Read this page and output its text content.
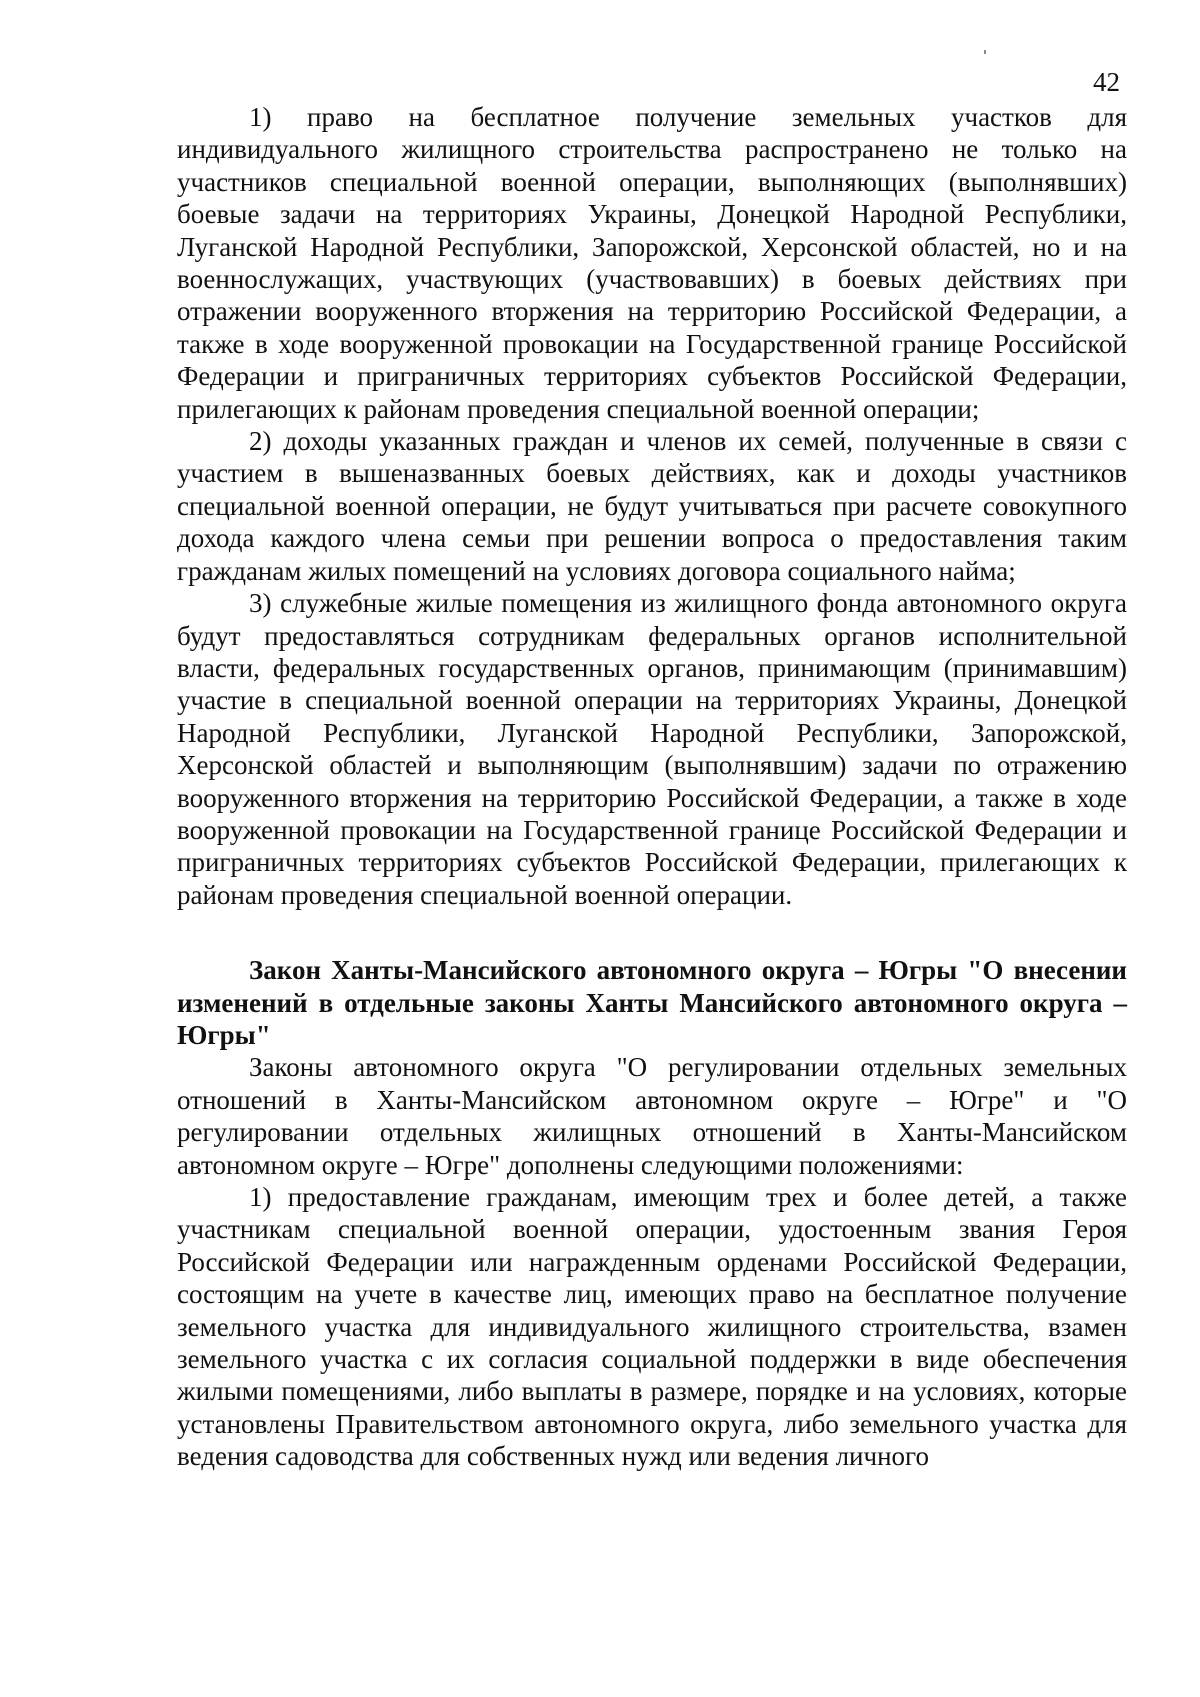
42

1) право на бесплатное получение земельных участков для индивидуального жилищного строительства распространено не только на участников специальной военной операции, выполняющих (выполнявших) боевые задачи на территориях Украины, Донецкой Народной Республики, Луганской Народной Республики, Запорожской, Херсонской областей, но и на военнослужащих, участвующих (участвовавших) в боевых действиях при отражении вооруженного вторжения на территорию Российской Федерации, а также в ходе вооруженной провокации на Государственной границе Российской Федерации и приграничных территориях субъектов Российской Федерации, прилегающих к районам проведения специальной военной операции;

2) доходы указанных граждан и членов их семей, полученные в связи с участием в вышеназванных боевых действиях, как и доходы участников специальной военной операции, не будут учитываться при расчете совокупного дохода каждого члена семьи при решении вопроса о предоставления таким гражданам жилых помещений на условиях договора социального найма;

3) служебные жилые помещения из жилищного фонда автономного округа будут предоставляться сотрудникам федеральных органов исполнительной власти, федеральных государственных органов, принимающим (принимавшим) участие в специальной военной операции на территориях Украины, Донецкой Народной Республики, Луганской Народной Республики, Запорожской, Херсонской областей и выполняющим (выполнявшим) задачи по отражению вооруженного вторжения на территорию Российской Федерации, а также в ходе вооруженной провокации на Государственной границе Российской Федерации и приграничных территориях субъектов Российской Федерации, прилегающих к районам проведения специальной военной операции.

Закон Ханты-Мансийского автономного округа – Югры "О внесении изменений в отдельные законы Ханты Мансийского автономного округа – Югры"

Законы автономного округа "О регулировании отдельных земельных отношений в Ханты-Мансийском автономном округе – Югре" и "О регулировании отдельных жилищных отношений в Ханты-Мансийском автономном округе – Югре" дополнены следующими положениями:

1) предоставление гражданам, имеющим трех и более детей, а также участникам специальной военной операции, удостоенным звания Героя Российской Федерации или награжденным орденами Российской Федерации, состоящим на учете в качестве лиц, имеющих право на бесплатное получение земельного участка для индивидуального жилищного строительства, взамен земельного участка с их согласия социальной поддержки в виде обеспечения жилыми помещениями, либо выплаты в размере, порядке и на условиях, которые установлены Правительством автономного округа, либо земельного участка для ведения садоводства для собственных нужд или ведения личного
